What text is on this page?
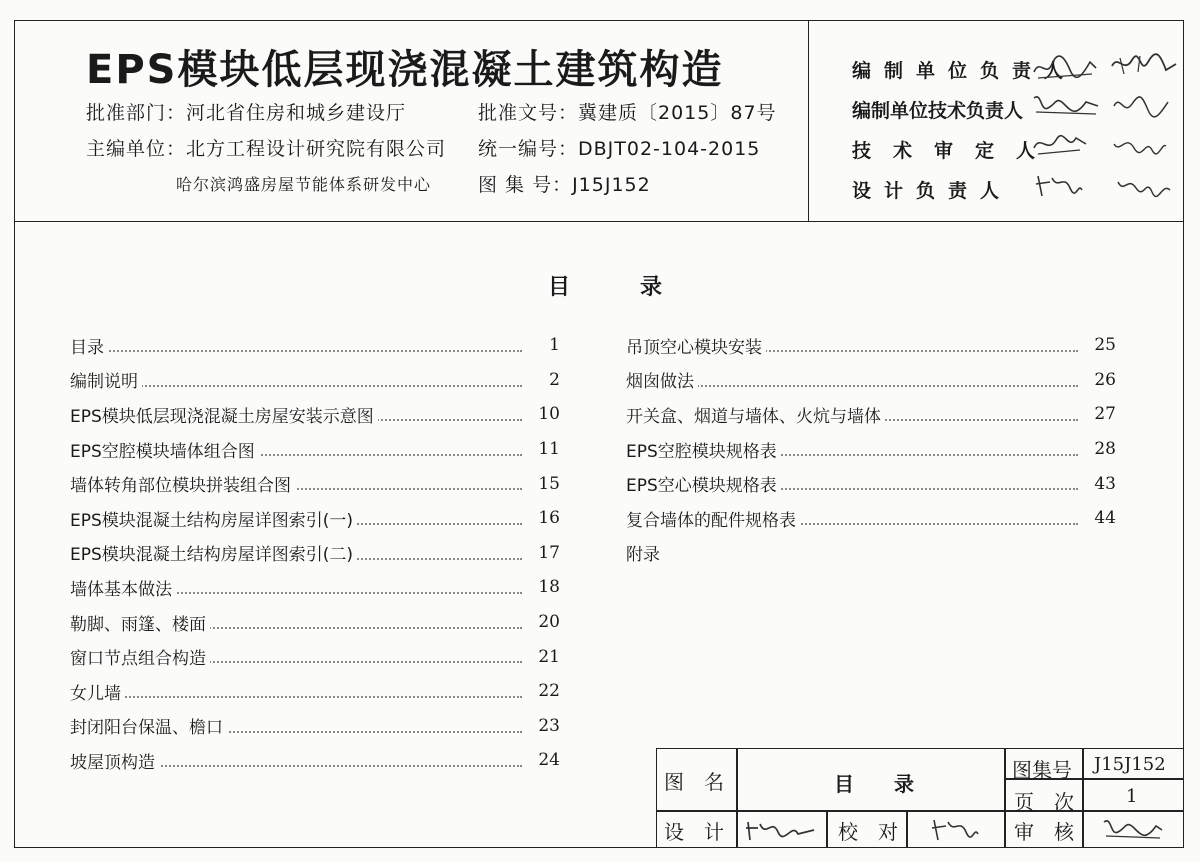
EPS模块低层现浇混凝土建筑构造
批准部门：河北省住房和城乡建设厅	批准文号：冀建质〔2015〕87号
主编单位：北方工程设计研究院有限公司 统一编号：DBJT02-104-2015
哈尔滨鸿盛房屋节能体系研发中心 图 集 号：J15J152
编制单位负责人
编制单位技术负责人
技术审定人
设计负责人
目	录
目录	1
编制说明	2
EPS模块低层现浇混凝土房屋安装示意图	10
EPS空腔模块墙体组合图	11
墙体转角部位模块拼装组合图	15
EPS模块混凝土结构房屋详图索引(一)	16
EPS模块混凝土结构房屋详图索引(二)	17
墙体基本做法	18
勒脚、雨篷、楼面	20
窗口节点组合构造	21
女儿墙	22
封闭阳台保温、檐口	23
坡屋顶构造	24
吊顶空心模块安装	25
烟囱做法	26
开关盒、烟道与墙体、火炕与墙体	27
EPS空腔模块规格表	28
EPS空心模块规格表	43
复合墙体的配件规格表	44
附录
图　名	目　　录
图集号 J15J152
页　次	1
设　计	校　对	审　核
